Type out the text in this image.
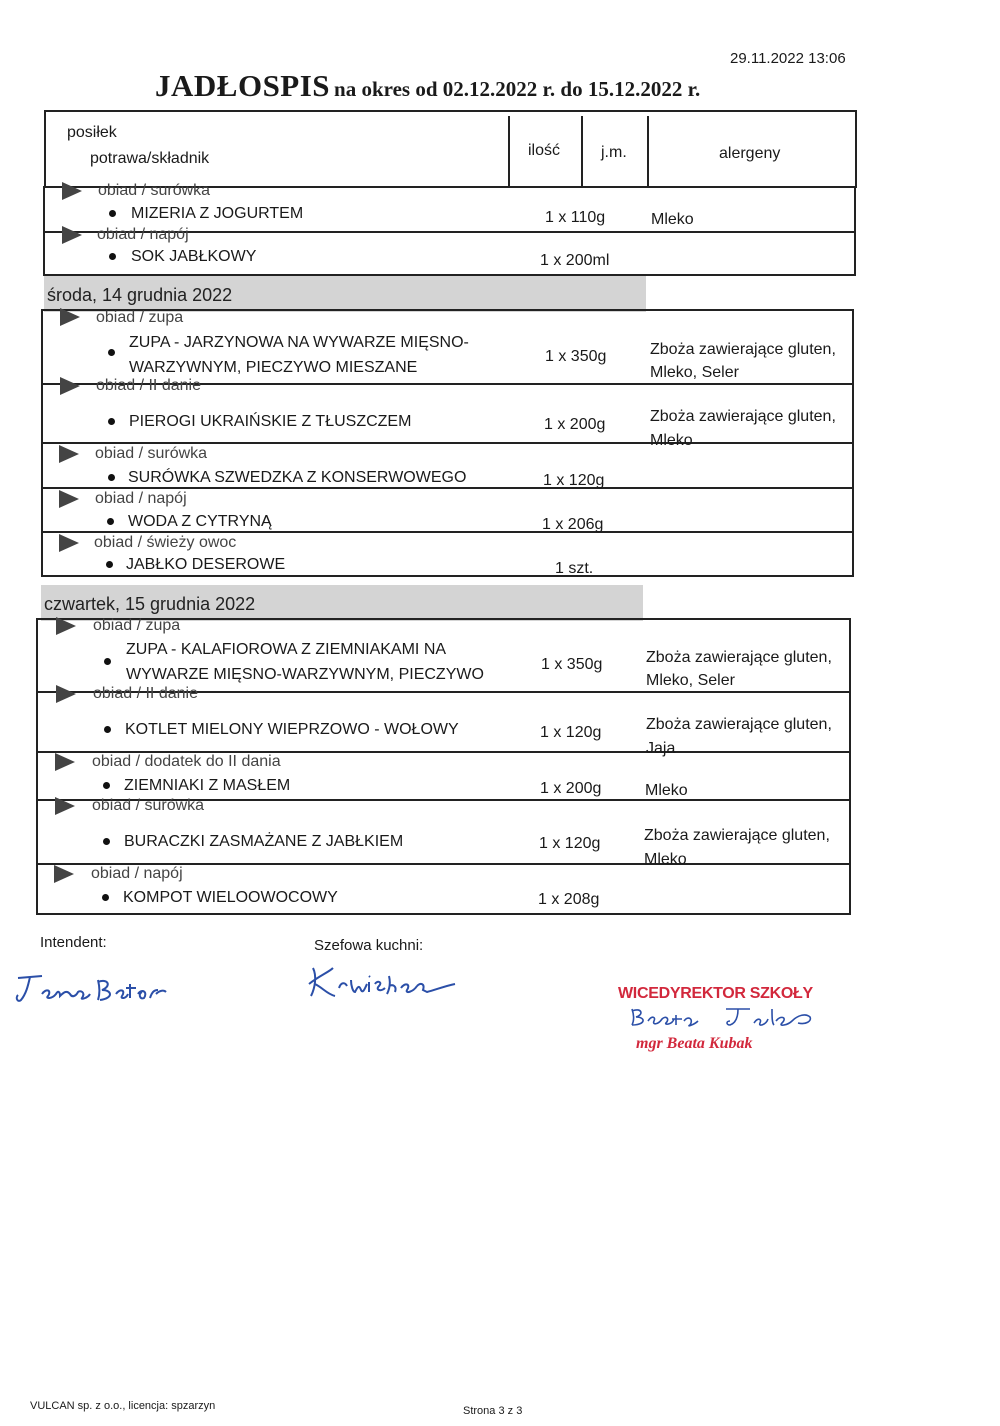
29.11.2022 13:06
JADŁOSPIS na okres od 02.12.2022 r. do 15.12.2022 r.
posiłek
potrawa/składnik	ilość	j.m.	alergeny
obiad / surówka
MIZERIA Z JOGURTEM	1 x 110g	Mleko
obiad / napój
SOK JABŁKOWY	1 x 200ml
środa, 14 grudnia 2022
obiad / zupa
ZUPA - JARZYNOWA NA WYWARZE MIĘSNO-
WARZYWNYM, PIECZYWO MIESZANE
1 x 350g	Zboża zawierające gluten,
Mleko, Seler
obiad / II danie
PIEROGI UKRAIŃSKIE Z TŁUSZCZEM	1 x 200g	Zboża zawierające gluten,
Mleko
obiad / surówka
SURÓWKA SZWEDZKA Z KONSERWOWEGO	1 x 120g
obiad / napój
WODA Z CYTRYNĄ	1 x 206g
obiad / świeży owoc
JABŁKO DESEROWE	1 szt.
czwartek, 15 grudnia 2022
obiad / zupa
ZUPA - KALAFIOROWA Z ZIEMNIAKAMI NA
WYWARZE MIĘSNO-WARZYWNYM, PIECZYWO
1 x 350g	Zboża zawierające gluten,
Mleko, Seler
obiad / II danie
KOTLET MIELONY WIEPRZOWO - WOŁOWY	1 x 120g	Zboża zawierające gluten,
Jaja
obiad / dodatek do II dania
ZIEMNIAKI Z MASŁEM	1 x 200g	Mleko
obiad / surówka
BURACZKI ZASMAŻANE Z JABŁKIEM	1 x 120g	Zboża zawierające gluten,
Mleko
obiad / napój
KOMPOT WIELOOWOCOWY	1 x 208g
Intendent:	Szefowa kuchni:
WICEDYREKTOR SZKOŁY
mgr Beata Kubak
VULCAN sp. z o.o., licencja: spzarzyn	Strona 3 z 3
